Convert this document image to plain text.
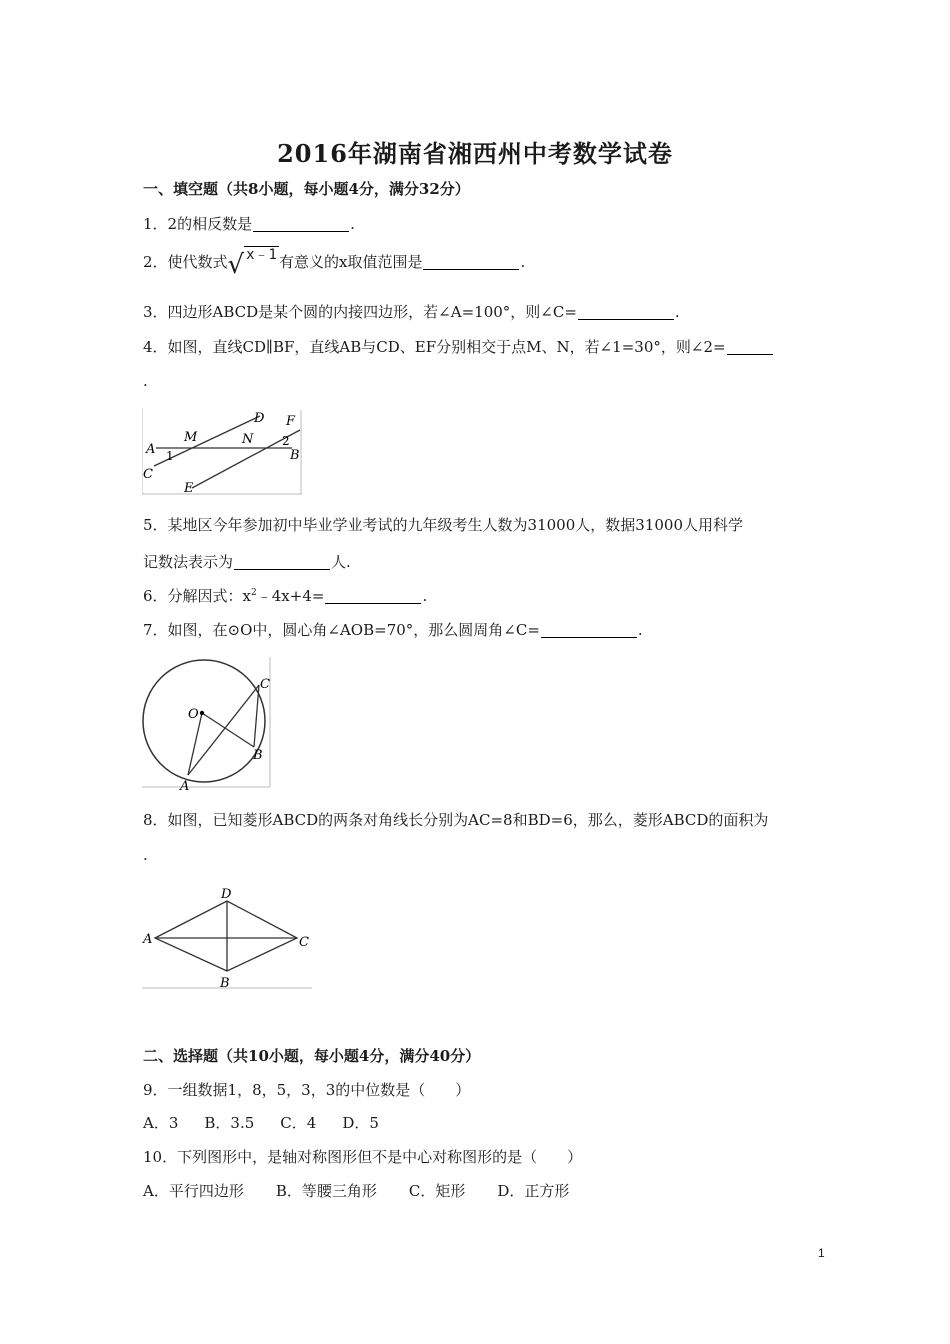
2016年湖南省湘西州中考数学试卷
一、填空题（共8小题，每小题4分，满分32分）
1．2的相反数是	.
2．使代数式√ x﹣1 有意义的x取值范围是	.
3．四边形ABCD是某个圆的内接四边形，若∠A=100°，则∠C=	.
4．如图，直线CD∥BF，直线AB与CD、EF分别相交于点M、N，若∠1=30°，则∠2=
.
A
M	N
D F
B
C
E
1
2
5．某地区今年参加初中毕业学业考试的九年级考生人数为31000人，数据31000人用科学
记数法表示为	人.
6．分解因式：$x^2﹣4x+4=$	.
7．如图，在⊙O中，圆心角∠AOB=70°，那么圆周角∠C=	.
O
A
B
C
8．如图，已知菱形ABCD的两条对角线长分别为AC=8和BD=6，那么，菱形ABCD的面积为
.
A
D
C
B
二、选择题（共10小题，每小题4分，满分40分）
9．一组数据1，8，5，3，3的中位数是（　　）
A．3 B．3.5 C．4 D．5
10．下列图形中，是轴对称图形但不是中心对称图形的是（　　）
A．平行四边形 B．等腰三角形 C．矩形 D．正方形
1
